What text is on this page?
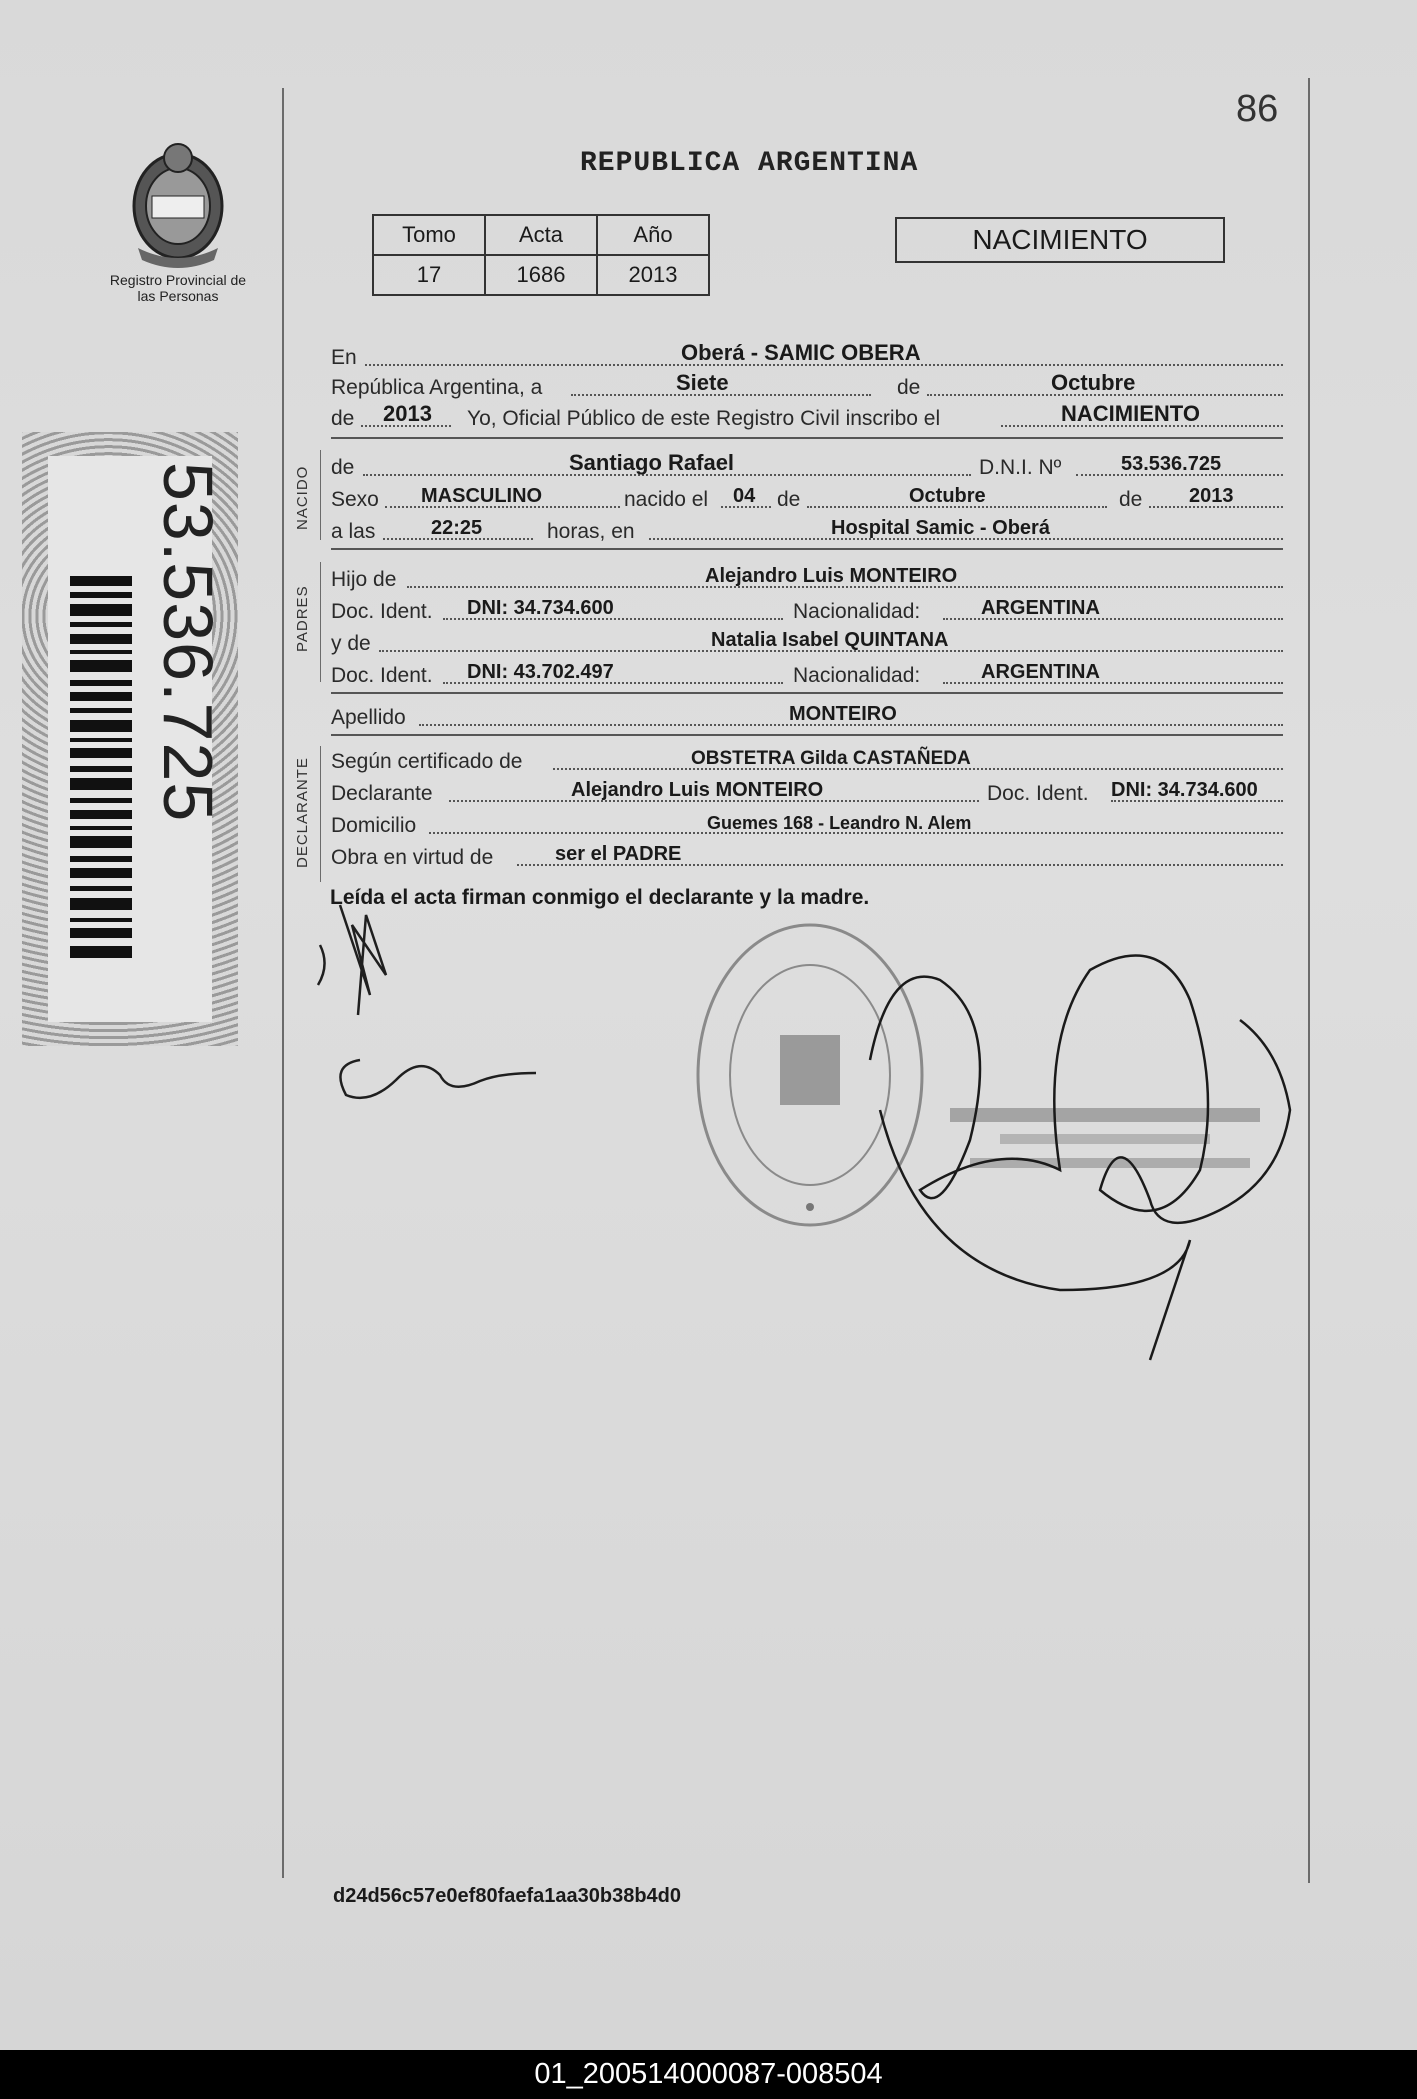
Registro Provincial de las Personas
53.536.725
86
REPUBLICA ARGENTINA
Tomo	Acta	Año
17	1686	2013
NACIMIENTO
En	Oberá - SAMIC OBERA
República Argentina, a	Siete	de	Octubre
de 2013 Yo, Oficial Público de este Registro Civil inscribo el	NACIMIENTO
NACIDO de	Santiago Rafael	D.N.I. Nº	53.536.725
Sexo MASCULINO	nacido el 04 de	Octubre	de 2013
a las	22:25	horas, en	Hospital Samic - Oberá
PADRES
Hijo de	Alejandro Luis MONTEIRO
Doc. Ident. DNI: 34.734.600	Nacionalidad:	ARGENTINA
y de	Natalia Isabel QUINTANA
Doc. Ident. DNI: 43.702.497	Nacionalidad:	ARGENTINA
Apellido	MONTEIRO
DECLARANTE Según certificado de	OBSTETRA Gilda CASTAÑEDA
Declarante	Alejandro Luis MONTEIRO	Doc. Ident. DNI: 34.734.600
Domicilio	Guemes 168 - Leandro N. Alem
Obra en virtud de	ser el PADRE
Leída el acta firman conmigo el declarante y la madre.
d24d56c57e0ef80faefa1aa30b38b4d0
01_200514000087-008504
